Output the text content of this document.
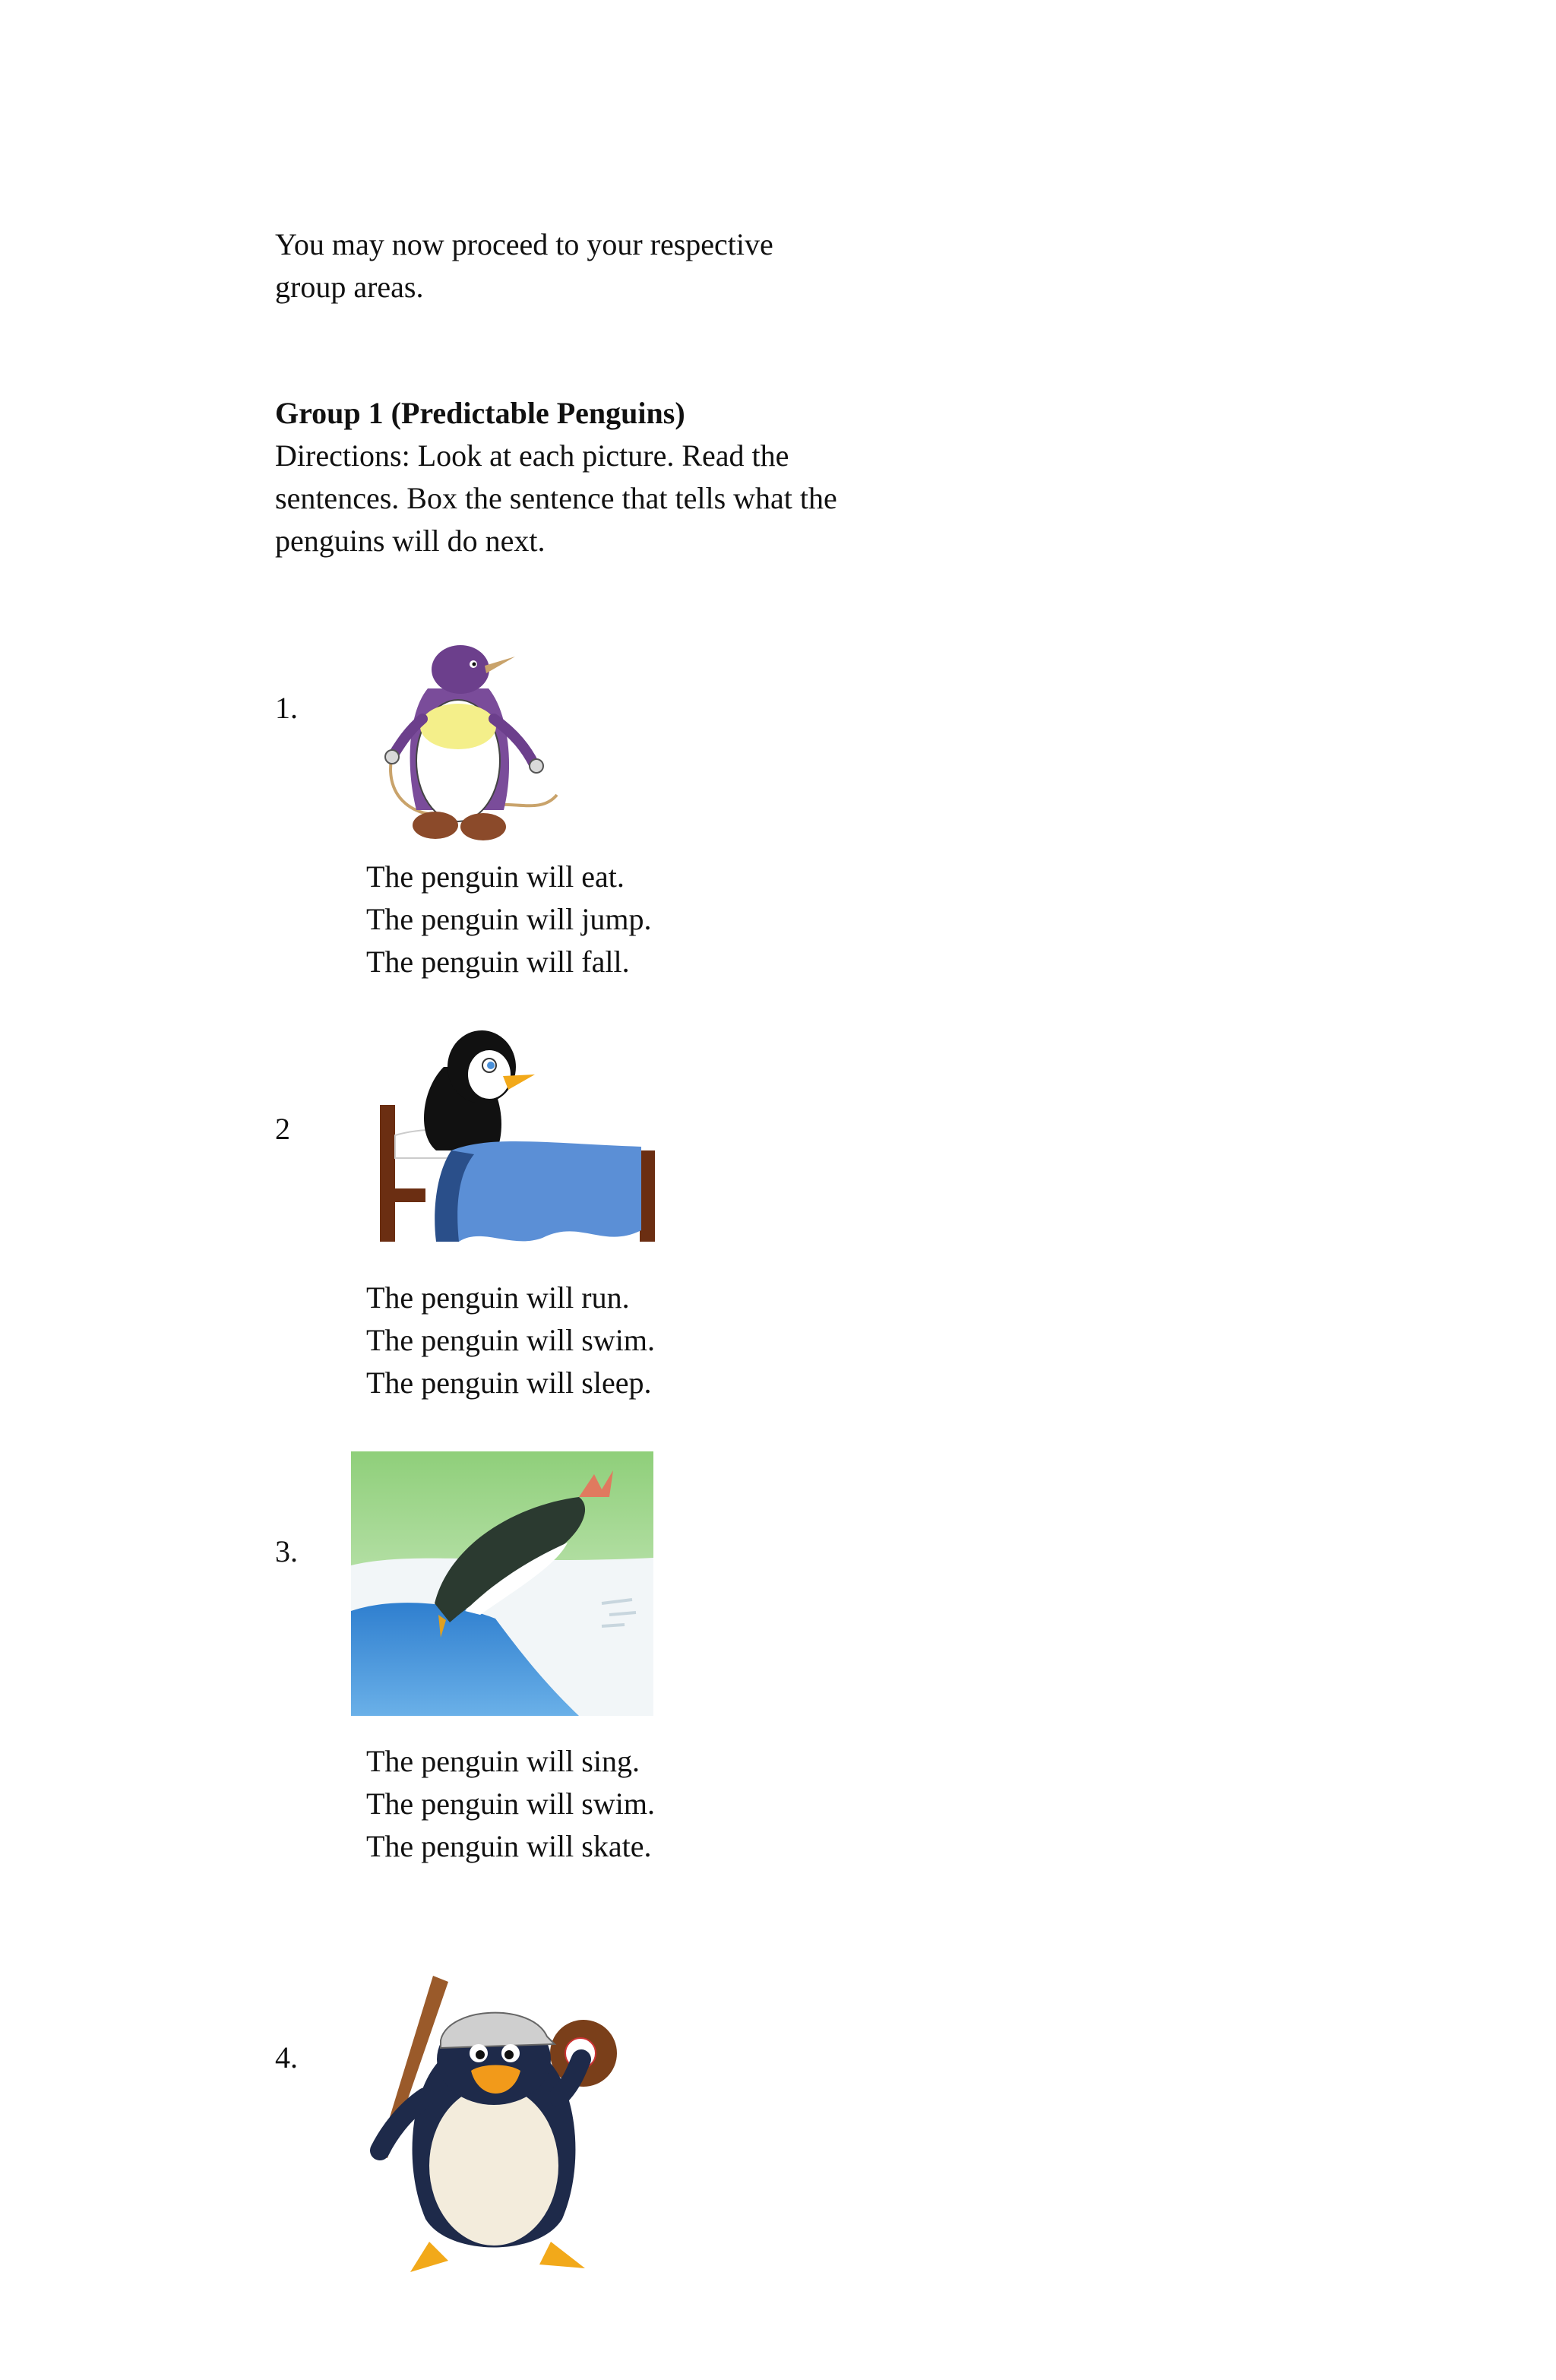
You may now proceed to your respective
group areas.
Group 1 (Predictable Penguins)
Directions: Look at each picture. Read the
sentences. Box the sentence that tells what the
penguins will do next.
1.
The penguin will eat.
The penguin will jump.
The penguin will fall.
2
The penguin will run.
The penguin will swim.
The penguin will sleep.
3.
The penguin will sing.
The penguin will swim.
The penguin will skate.
4.
